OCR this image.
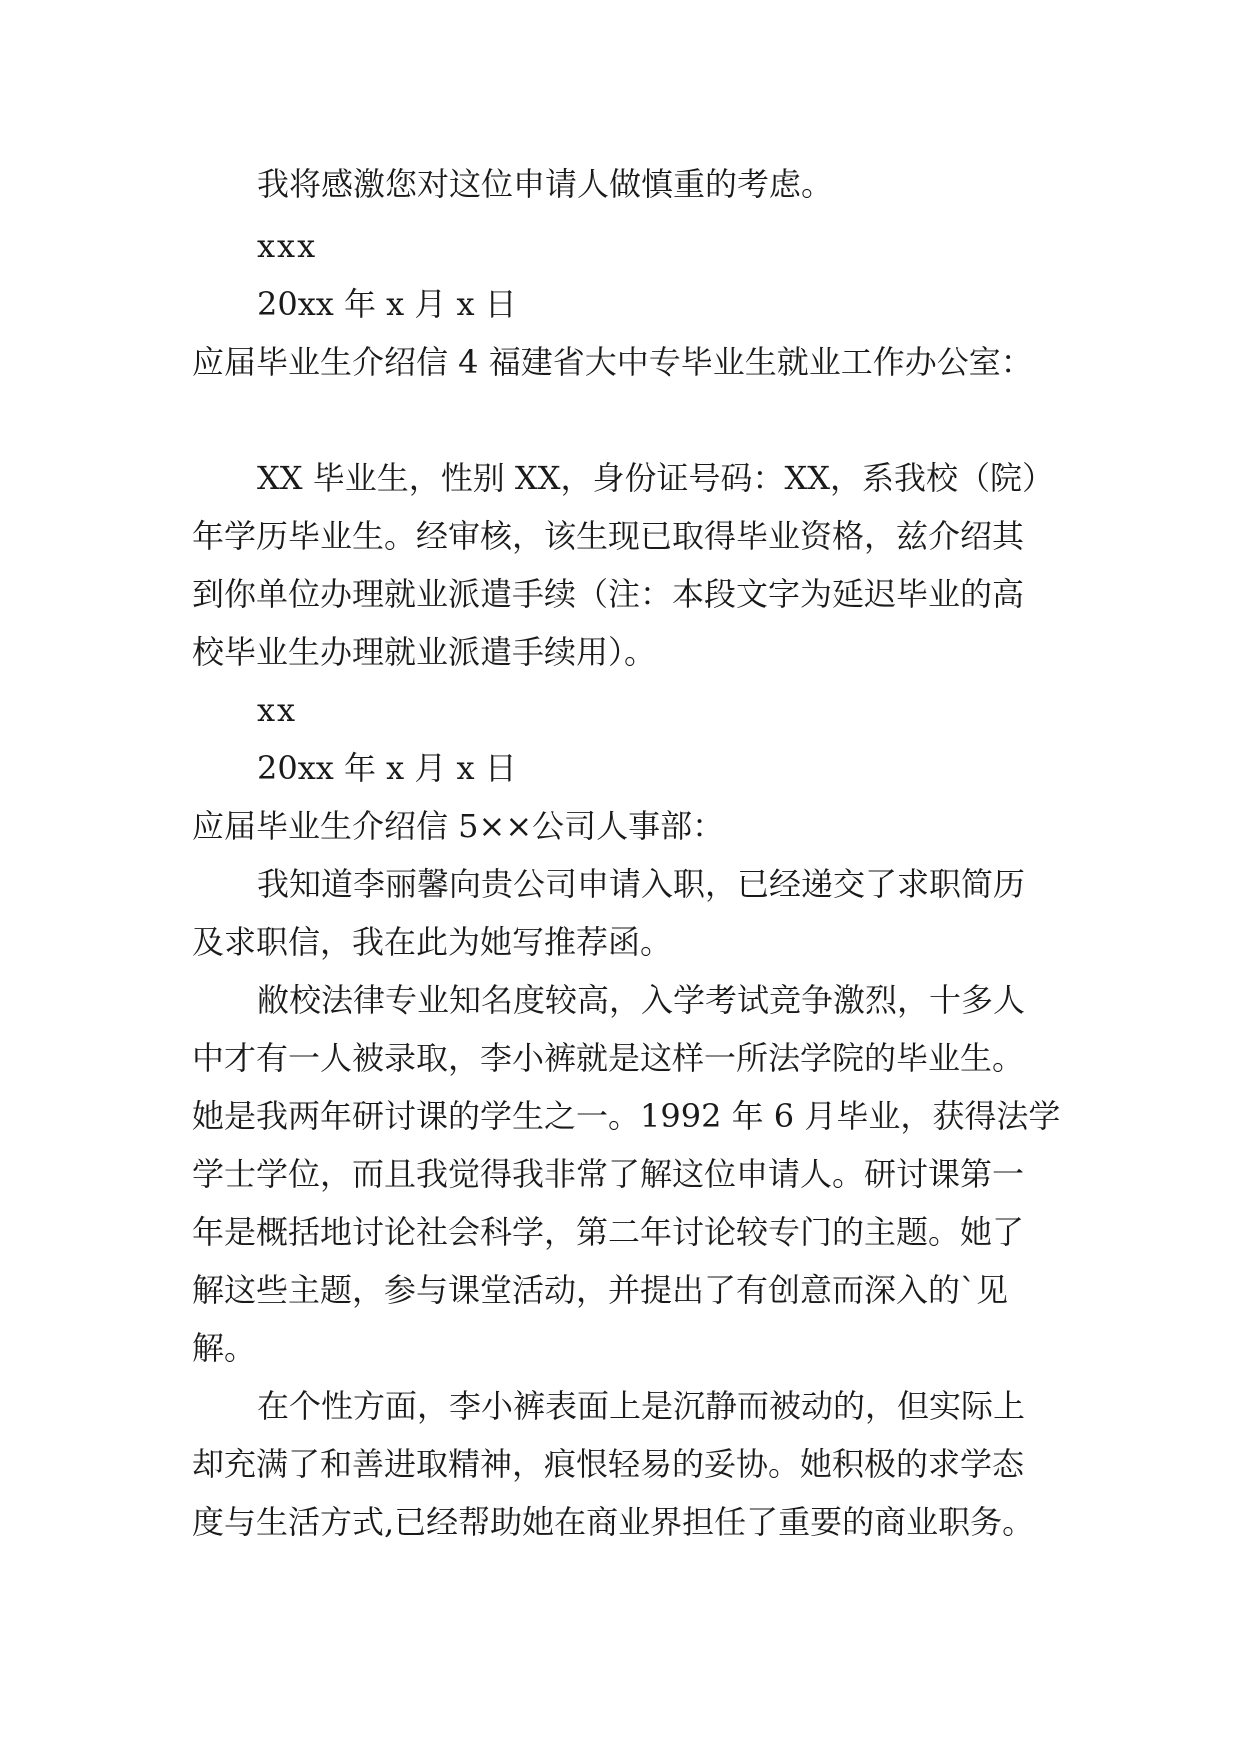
我将感激您对这位申请人做慎重的考虑。
xxx
20xx 年 x 月 x 日
应届毕业生介绍信 4 福建省大中专毕业生就业工作办公室：
XX 毕业生，性别 XX，身份证号码：XX，系我校（院）
年学历毕业生。经审核，该生现已取得毕业资格，兹介绍其
到你单位办理就业派遣手续（注：本段文字为延迟毕业的高
校毕业生办理就业派遣手续用）。
xx
20xx 年 x 月 x 日
应届毕业生介绍信 5××公司人事部：
我知道李丽馨向贵公司申请入职，已经递交了求职简历
及求职信，我在此为她写推荐函。
敝校法律专业知名度较高，入学考试竞争激烈，十多人
中才有一人被录取，李小裤就是这样一所法学院的毕业生。
她是我两年研讨课的学生之一。1992 年 6 月毕业，获得法学
学士学位，而且我觉得我非常了解这位申请人。研讨课第一
年是概括地讨论社会科学，第二年讨论较专门的主题。她了
解这些主题，参与课堂活动，并提出了有创意而深入的`见
解。
在个性方面，李小裤表面上是沉静而被动的，但实际上
却充满了和善进取精神，痕恨轻易的妥协。她积极的求学态
度与生活方式,已经帮助她在商业界担任了重要的商业职务。
